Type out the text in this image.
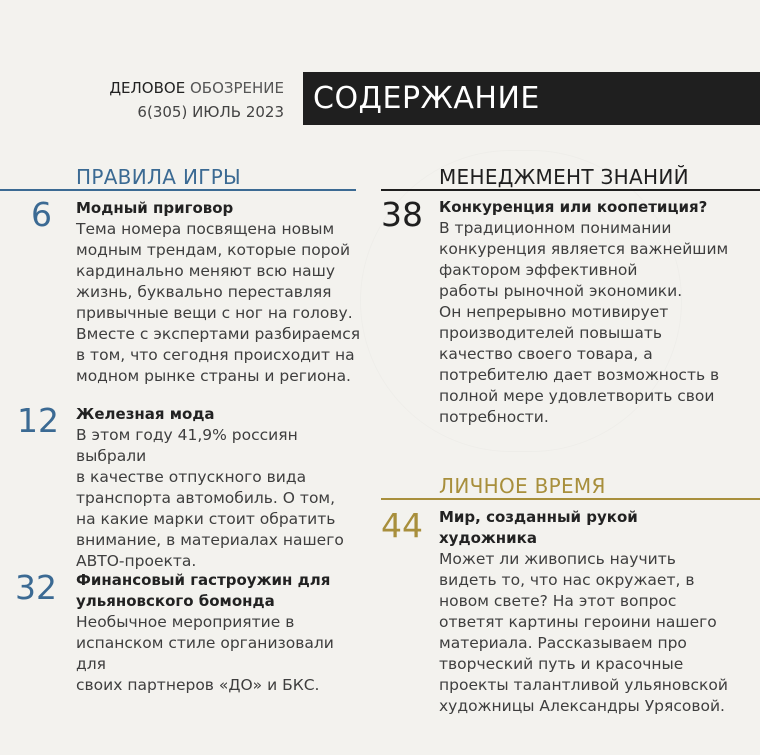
ДЕЛОВОЕ ОБОЗРЕНИЕ
6(305) ИЮЛЬ 2023 СОДЕРЖАНИЕ
ПРАВИЛА ИГРЫ
6 Модный приговор
Тема номера посвящена новым
модным трендам, которые порой
кардинально меняют всю нашу
жизнь, буквально переставляя
привычные вещи с ног на голову.
Вместе с экспертами разбираемся
в том, что сегодня происходит на
модном рынке страны и региона.
12 Железная мода
В этом году 41,9% россиян выбрали
в качестве отпускного вида
транспорта автомобиль. О том,
на какие марки стоит обратить
внимание, в материалах нашего
АВТО-проекта.
32 Финансовый гастроужин для
ульяновского бомонда
Необычное мероприятие в
испанском стиле организовали для
своих партнеров «ДО» и БКС.
МЕНЕДЖМЕНТ ЗНАНИЙ
38 Конкуренция или коопетиция?
В традиционном понимании
конкуренция является важнейшим
фактором эффективной
работы рыночной экономики.
Он непрерывно мотивирует
производителей повышать
качество своего товара, а
потребителю дает возможность в
полной мере удовлетворить свои
потребности.
ЛИЧНОЕ ВРЕМЯ
44 Мир, созданный рукой
художника
Может ли живопись научить
видеть то, что нас окружает, в
новом свете? На этот вопрос
ответят картины героини нашего
материала. Рассказываем про
творческий путь и красочные
проекты талантливой ульяновской
художницы Александры Урясовой.
